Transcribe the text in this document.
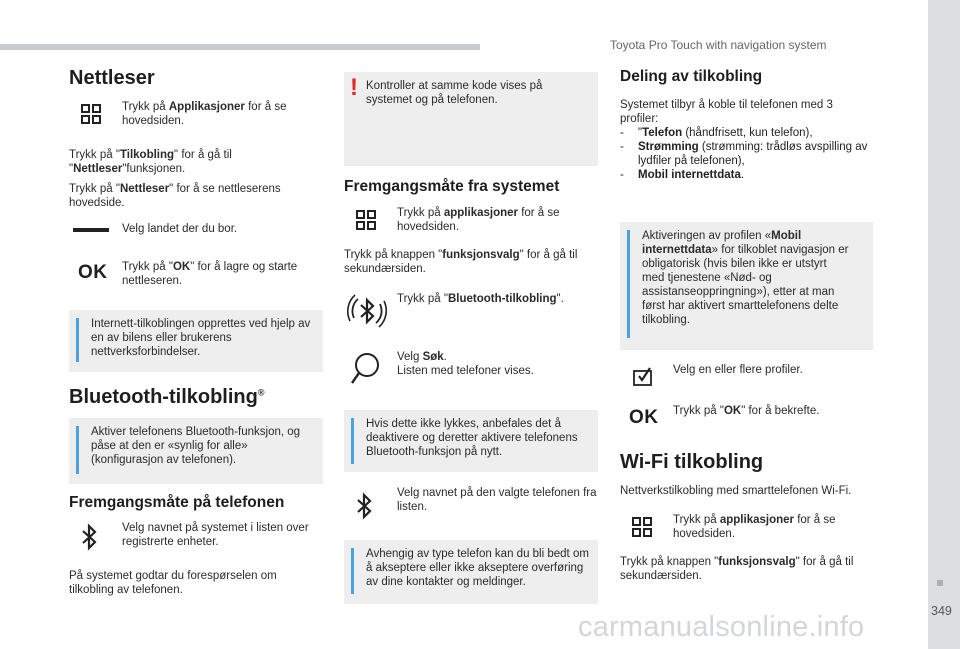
Toyota Pro Touch with navigation system
349
carmanualsonline.info
Nettleser
Trykk på Applikasjoner for å se hovedsiden.

Trykk på "Tilkobling" for å gå til "Nettleser"funksjonen.

Trykk på "Nettleser" for å se nettleserens hovedside.

Velg landet der du bor.
OK Trykk på "OK" for å lagre og starte nettleseren.
Internett-tilkoblingen opprettes ved hjelp av en av bilens eller brukerens nettverksforbindelser.
Bluetooth-tilkobling®
Aktiver telefonens Bluetooth-funksjon, og påse at den er «synlig for alle» (konfigurasjon av telefonen).
Fremgangsmåte på telefonen
Velg navnet på systemet i listen over registrerte enheter.

På systemet godtar du forespørselen om tilkobling av telefonen.

! Kontroller at samme kode vises på systemet og på telefonen.
Fremgangsmåte fra systemet
Trykk på applikasjoner for å se hovedsiden.

Trykk på knappen "funksjonsvalg" for å gå til sekundærsiden.

Trykk på "Bluetooth-tilkobling".
Velg Søk.
Listen med telefoner vises.
Hvis dette ikke lykkes, anbefales det å deaktivere og deretter aktivere telefonens Bluetooth-funksjon på nytt.
Velg navnet på den valgte telefonen fra listen.
Avhengig av type telefon kan du bli bedt om å akseptere eller ikke akseptere overføring av dine kontakter og meldinger.
Deling av tilkobling

Systemet tilbyr å koble til telefonen med 3 profiler:

- "Telefon (håndfrisett, kun telefon),
- Strømming (strømming: trådløs avspilling av lydfiler på telefonen),
- Mobil internettdata.
Aktiveringen av profilen «Mobil internettdata» for tilkoblet navigasjon er obligatorisk (hvis bilen ikke er utstyrt med tjenestene «Nød- og assistanseoppringning»), etter at man først har aktivert smarttelefonens delte tilkobling.
Velg en eller flere profiler.
OK Trykk på "OK" for å bekrefte.
Wi-Fi tilkobling

Nettverkstilkobling med smarttelefonen Wi-Fi.

Trykk på applikasjoner for å se hovedsiden.

Trykk på knappen "funksjonsvalg" for å gå til sekundærsiden.
